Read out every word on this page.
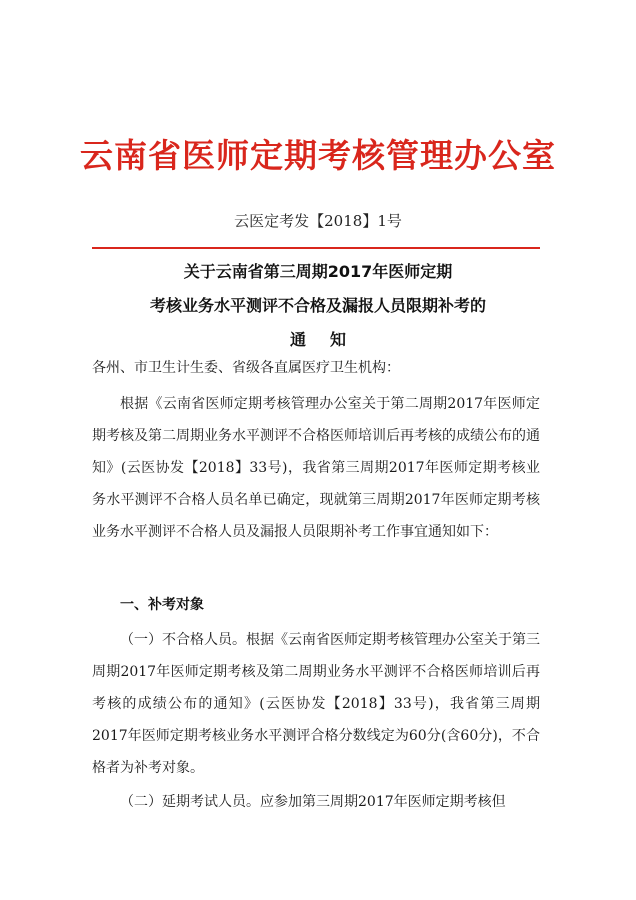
云南省医师定期考核管理办公室
云医定考发【2018】1号
关于云南省第三周期2017年医师定期
考核业务水平测评不合格及漏报人员限期补考的
通知
各州、市卫生计生委、省级各直属医疗卫生机构：
根据《云南省医师定期考核管理办公室关于第二周期2017年医师定期考核及第二周期业务水平测评不合格医师培训后再考核的成绩公布的通知》(云医协发【2018】33号)，我省第三周期2017年医师定期考核业务水平测评不合格人员名单已确定，现就第三周期2017年医师定期考核业务水平测评不合格人员及漏报人员限期补考工作事宜通知如下：
一、补考对象
（一）不合格人员。根据《云南省医师定期考核管理办公室关于第三周期2017年医师定期考核及第二周期业务水平测评不合格医师培训后再考核的成绩公布的通知》(云医协发【2018】33号)，我省第三周期2017年医师定期考核业务水平测评合格分数线定为60分(含60分)，不合格者为补考对象。
（二）延期考试人员。应参加第三周期2017年医师定期考核但
